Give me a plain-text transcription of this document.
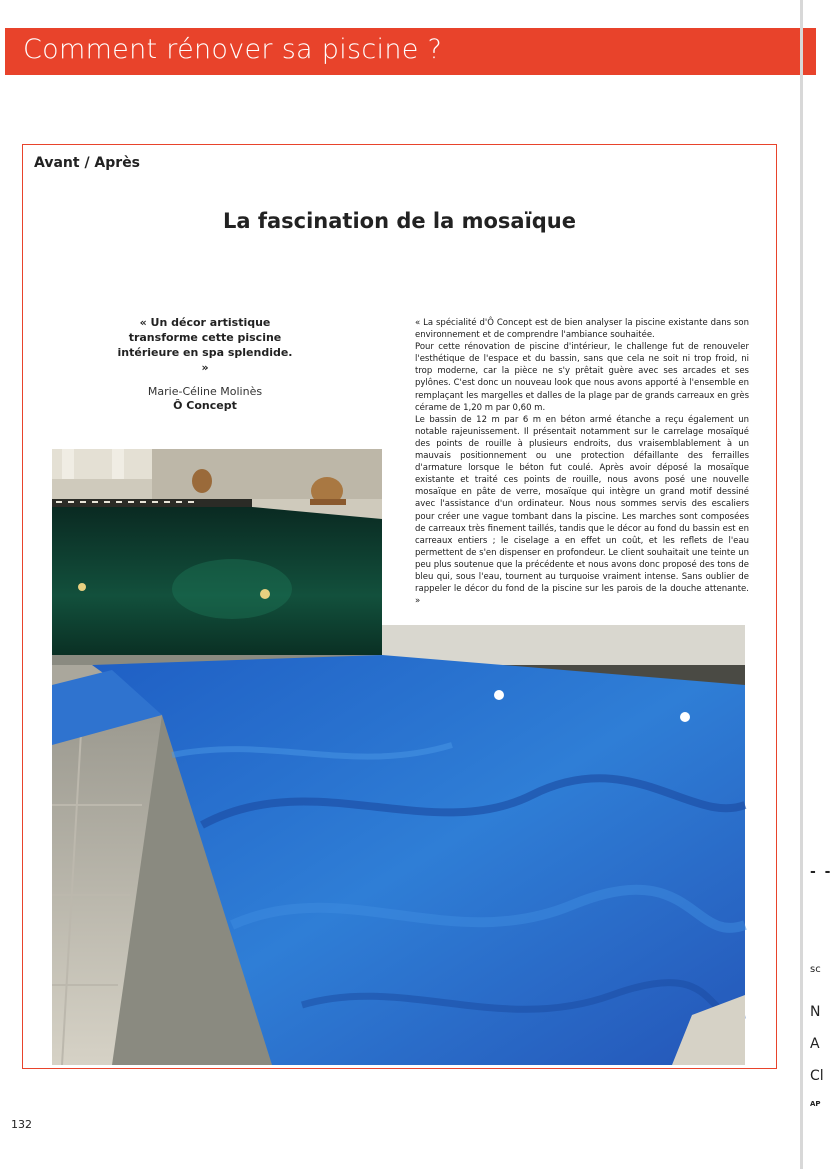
Comment rénover sa piscine ?
Avant / Après
La fascination de la mosaïque

« Un décor artistique transforme cette piscine intérieure en spa splendide. »

Marie-Céline Molinès

Ô Concept

« La spécialité d'Ô Concept est de bien analyser la piscine existante dans son environnement et de comprendre l'ambiance souhaitée.

Pour cette rénovation de piscine d'intérieur, le challenge fut de renouveler l'esthétique de l'espace et du bassin, sans que cela ne soit ni trop froid, ni trop moderne, car la pièce ne s'y prêtait guère avec ses arcades et ses pylônes. C'est donc un nouveau look que nous avons apporté à l'ensemble en remplaçant les margelles et dalles de la plage par de grands carreaux en grès cérame de 1,20 m par 0,60 m.

Le bassin de 12 m par 6 m en béton armé étanche a reçu également un notable rajeunissement. Il présentait notamment sur le carrelage mosaïqué des points de rouille à plusieurs endroits, dus vraisemblablement à un mauvais positionnement ou une protection défaillante des ferrailles d'armature lorsque le béton fut coulé. Après avoir déposé la mosaïque existante et traité ces points de rouille, nous avons posé une nouvelle mosaïque en pâte de verre, mosaïque qui intègre un grand motif dessiné avec l'assistance d'un ordinateur. Nous nous sommes servis des escaliers pour créer une vague tombant dans la piscine. Les marches sont composées de carreaux très finement taillés, tandis que le décor au fond du bassin est en carreaux entiers ; le ciselage a en effet un coût, et les reflets de l'eau permettent de s'en dispenser en profondeur. Le client souhaitait une teinte un peu plus soutenue que la précédente et nous avons donc proposé des tons de bleu qui, sous l'eau, tournent au turquoise vraiment intense. Sans oublier de rappeler le décor du fond de la piscine sur les parois de la douche attenante. »

132

- -
sc
N
A
Cl
AP
